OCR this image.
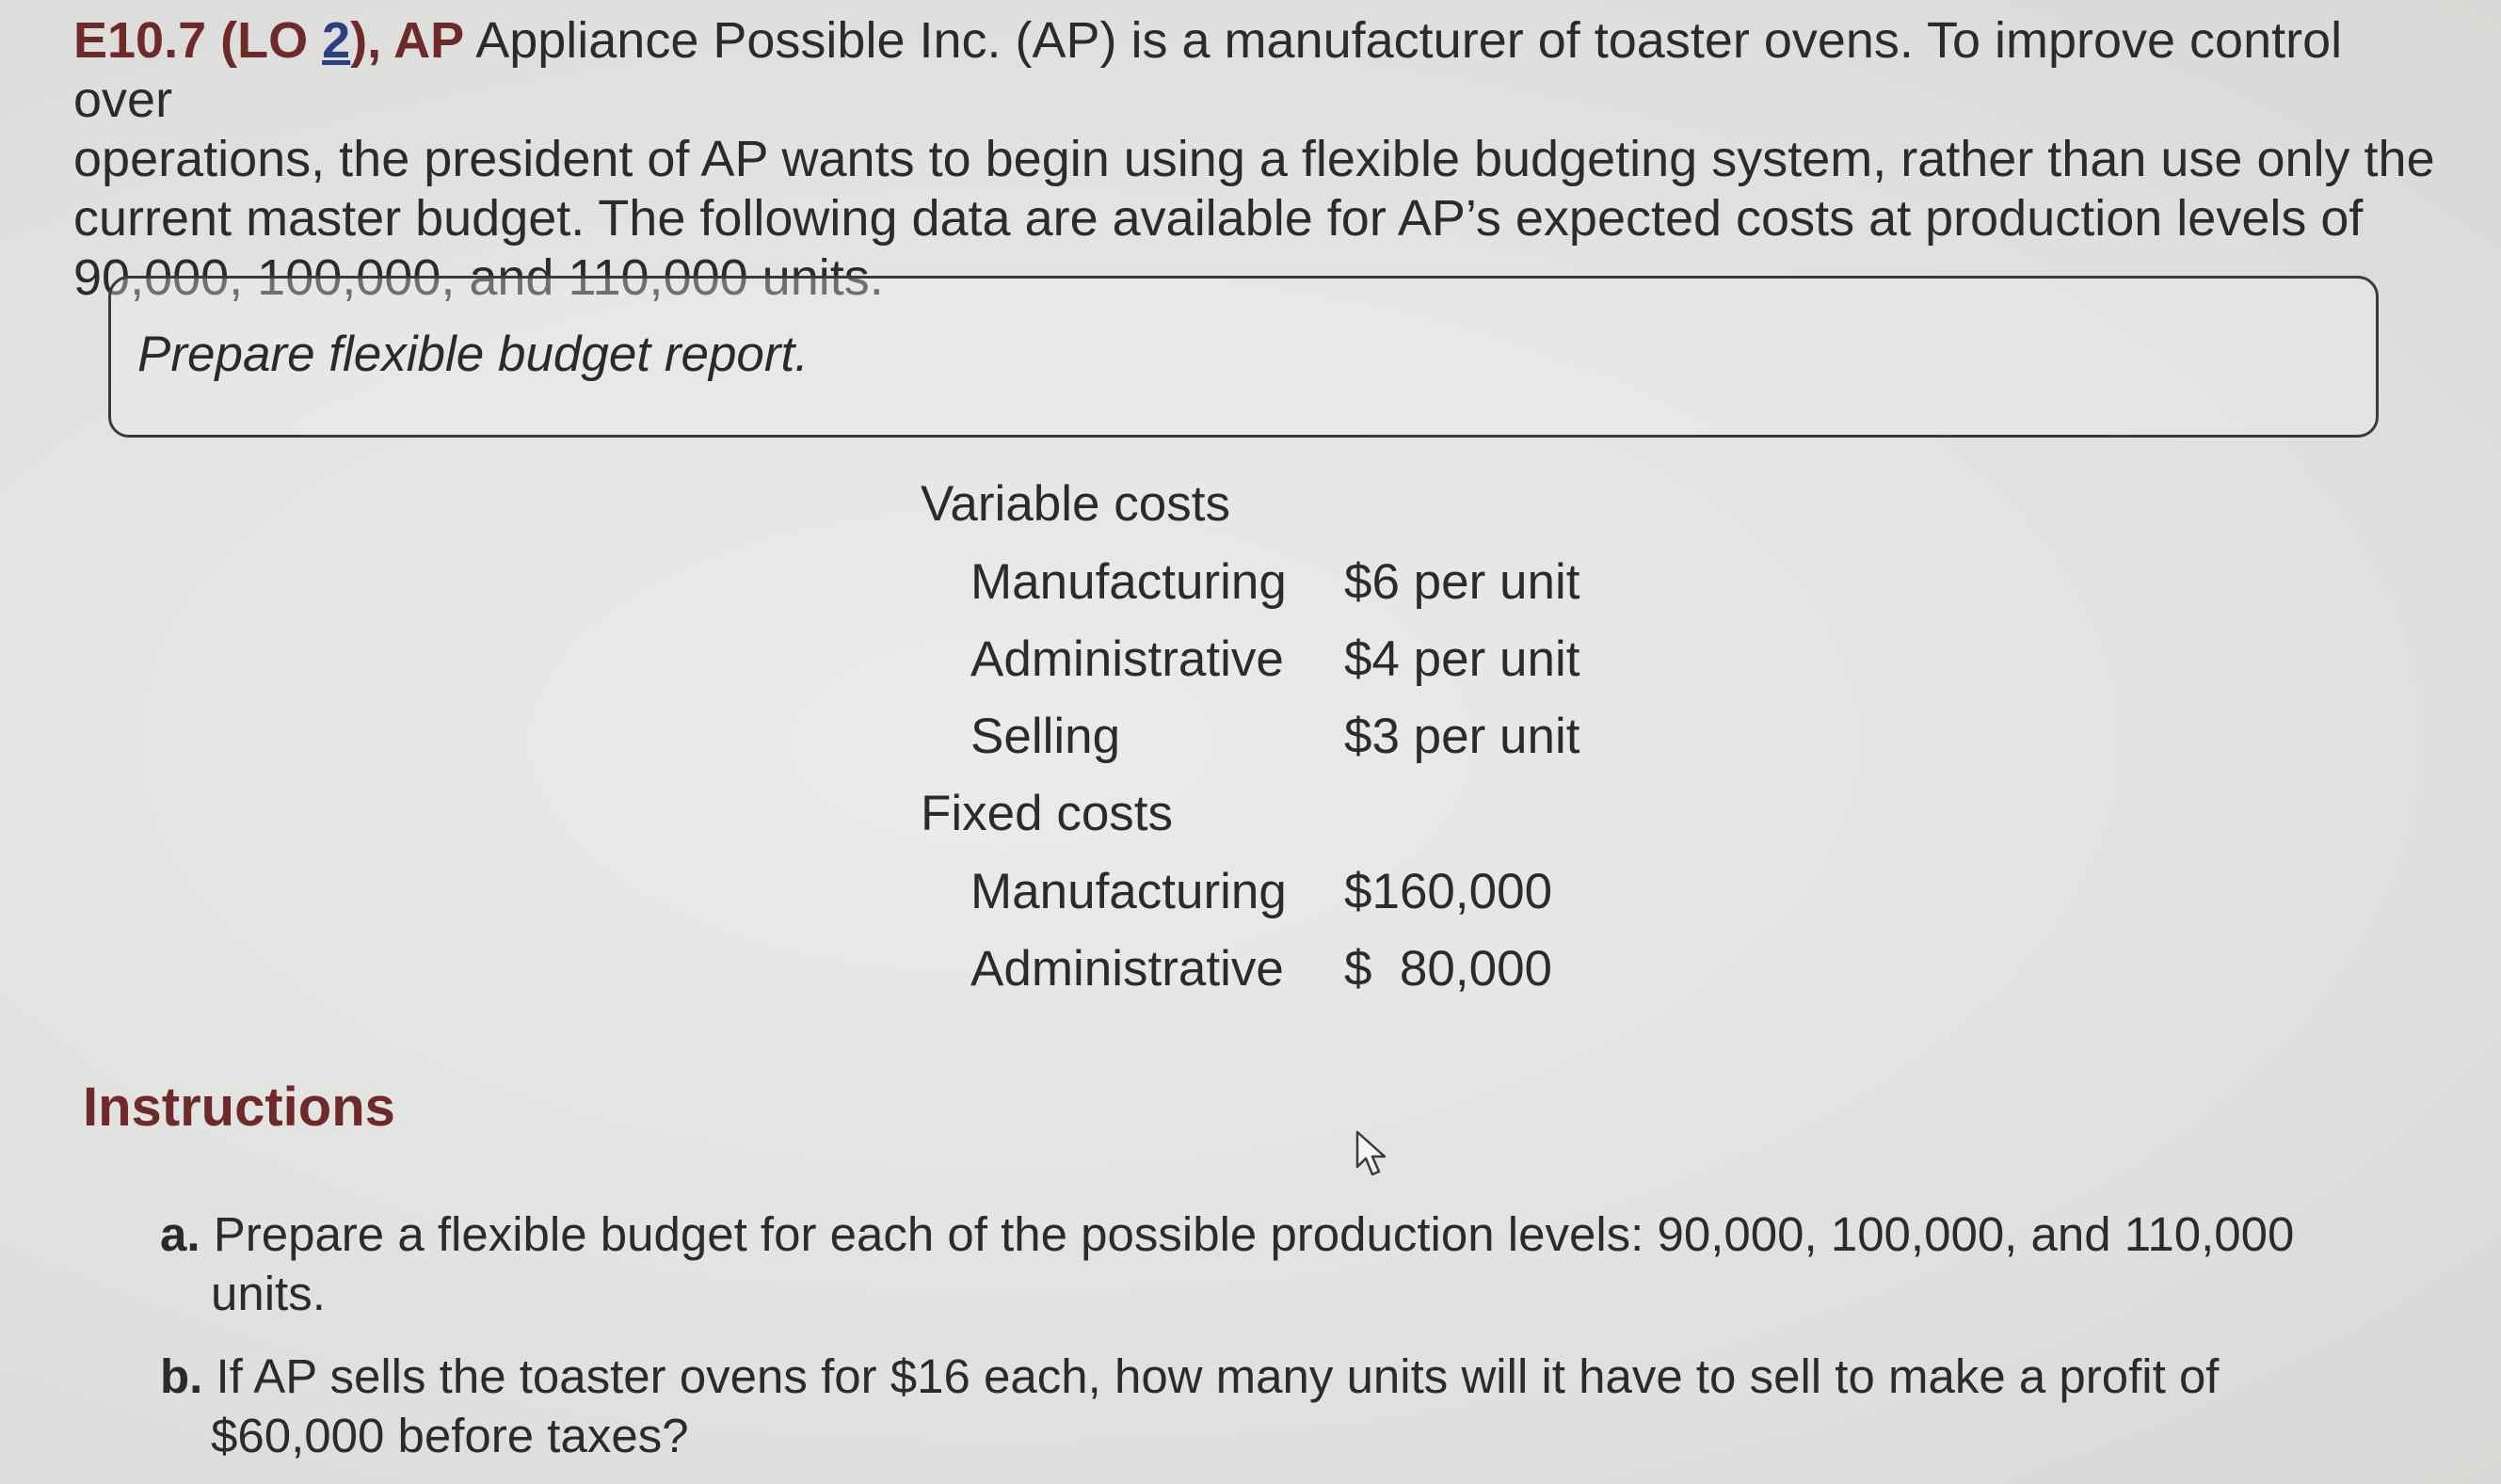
E10.7 (LO 2), AP Appliance Possible Inc. (AP) is a manufacturer of toaster ovens. To improve control over
operations, the president of AP wants to begin using a flexible budgeting system, rather than use only the
current master budget. The following data are available for AP’s expected costs at production levels of
90,000, 100,000, and 110,000 units.
Prepare flexible budget report.
Variable costs
Manufacturing $6 per unit
Administrative $4 per unit
Selling	$3 per unit
Fixed costs
Manufacturing $160,000
Administrative $  80,000
Instructions
a. Prepare a flexible budget for each of the possible production levels: 90,000, 100,000, and 110,000
units.
b. If AP sells the toaster ovens for $16 each, how many units will it have to sell to make a profit of
$60,000 before taxes?
